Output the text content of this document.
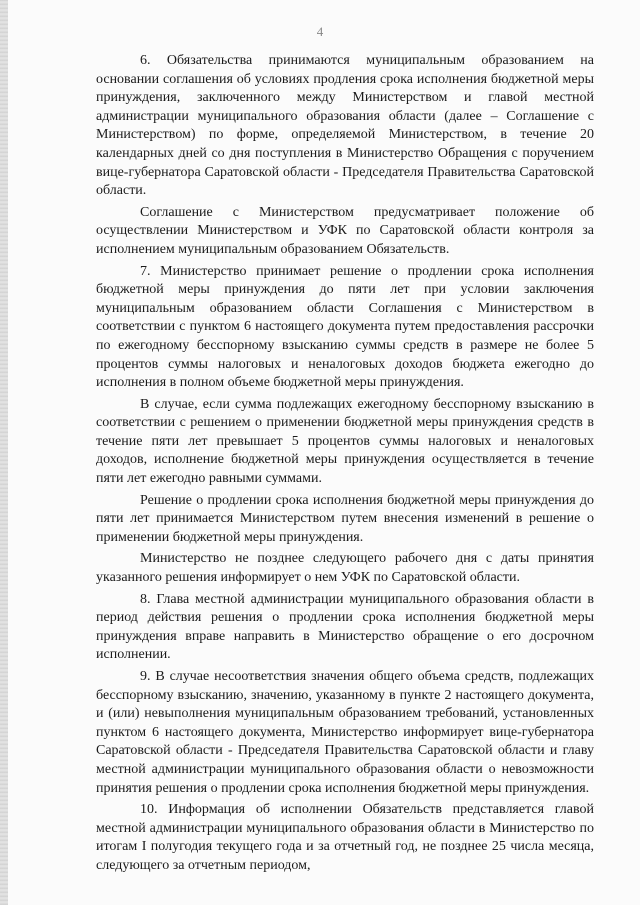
4

6. Обязательства принимаются муниципальным образованием на основании соглашения об условиях продления срока исполнения бюджетной меры принуждения, заключенного между Министерством и главой местной администрации муниципального образования области (далее – Соглашение с Министерством) по форме, определяемой Министерством, в течение 20 календарных дней со дня поступления в Министерство Обращения с поручением вице-губернатора Саратовской области - Председателя Правительства Саратовской области.

Соглашение с Министерством предусматривает положение об осуществлении Министерством и УФК по Саратовской области контроля за исполнением муниципальным образованием Обязательств.

7. Министерство принимает решение о продлении срока исполнения бюджетной меры принуждения до пяти лет при условии заключения муниципальным образованием области Соглашения с Министерством в соответствии с пунктом 6 настоящего документа путем предоставления рассрочки по ежегодному бесспорному взысканию суммы средств в размере не более 5 процентов суммы налоговых и неналоговых доходов бюджета ежегодно до исполнения в полном объеме бюджетной меры принуждения.

В случае, если сумма подлежащих ежегодному бесспорному взысканию в соответствии с решением о применении бюджетной меры принуждения средств в течение пяти лет превышает 5 процентов суммы налоговых и неналоговых доходов, исполнение бюджетной меры принуждения осуществляется в течение пяти лет ежегодно равными суммами.

Решение о продлении срока исполнения бюджетной меры принуждения до пяти лет принимается Министерством путем внесения изменений в решение о применении бюджетной меры принуждения.

Министерство не позднее следующего рабочего дня с даты принятия указанного решения информирует о нем УФК по Саратовской области.

8. Глава местной администрации муниципального образования области в период действия решения о продлении срока исполнения бюджетной меры принуждения вправе направить в Министерство обращение о его досрочном исполнении.

9. В случае несоответствия значения общего объема средств, подлежащих бесспорному взысканию, значению, указанному в пункте 2 настоящего документа, и (или) невыполнения муниципальным образованием требований, установленных пунктом 6 настоящего документа, Министерство информирует вице-губернатора Саратовской области - Председателя Правительства Саратовской области и главу местной администрации муниципального образования области о невозможности принятия решения о продлении срока исполнения бюджетной меры принуждения.

10. Информация об исполнении Обязательств представляется главой местной администрации муниципального образования области в Министерство по итогам I полугодия текущего года и за отчетный год, не позднее 25 числа месяца, следующего за отчетным периодом,
